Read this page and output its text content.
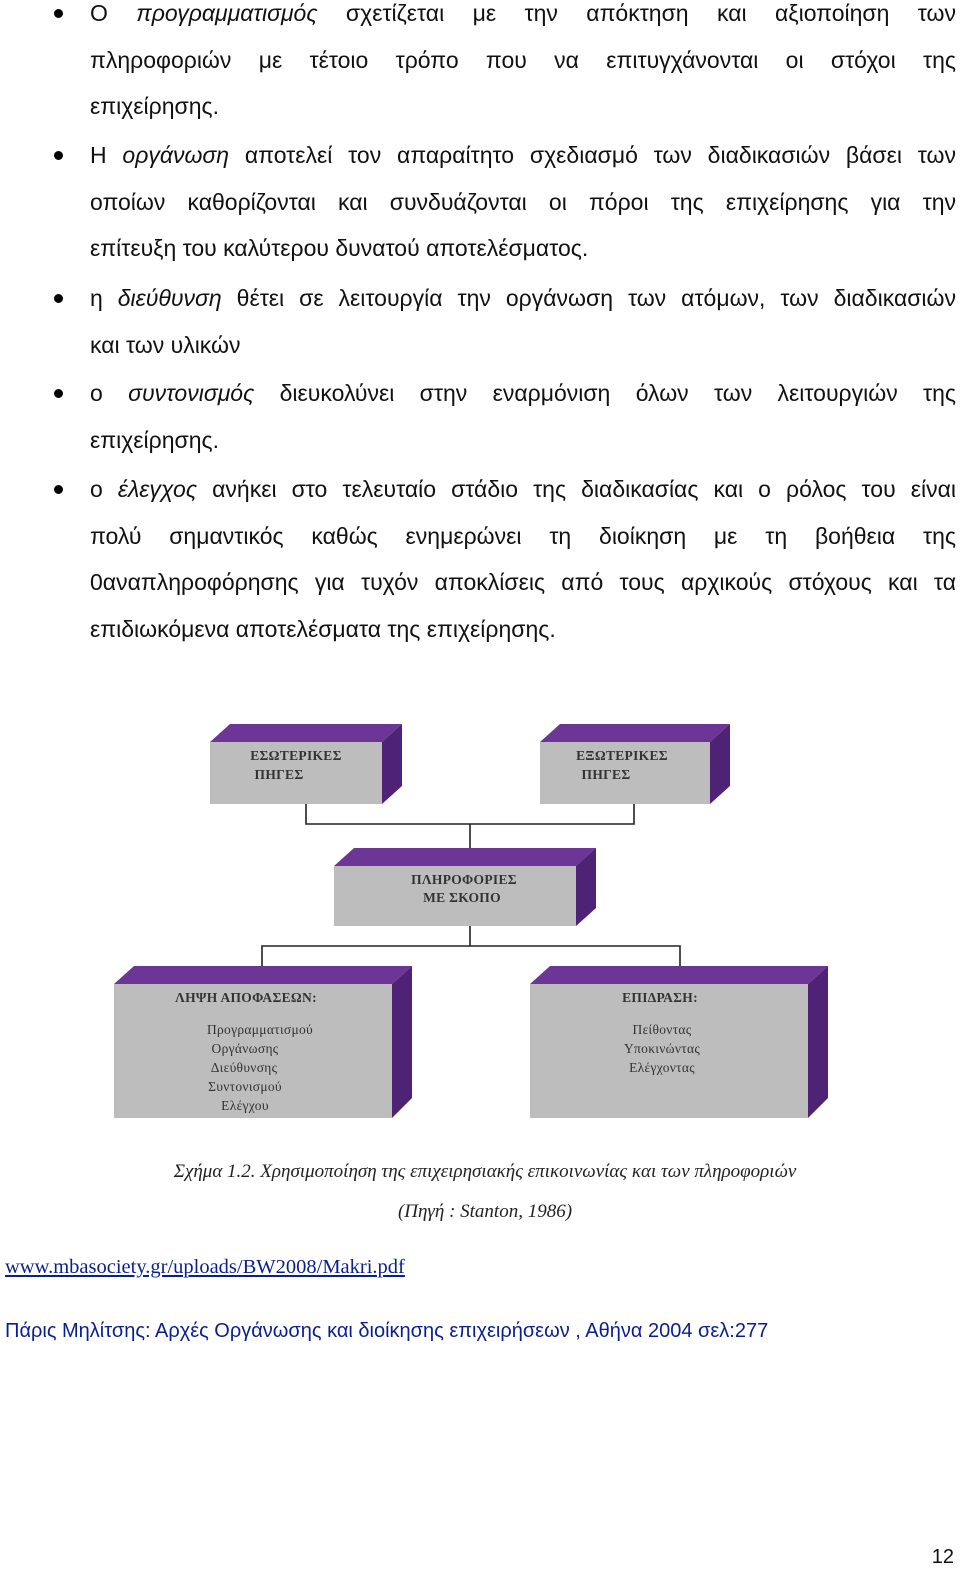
Ο προγραμματισμός σχετίζεται με την απόκτηση και αξιοποίηση των
πληροφοριών με τέτοιο τρόπο που να επιτυγχάνονται οι στόχοι της
επιχείρησης.
Η οργάνωση αποτελεί τον απαραίτητο σχεδιασμό των διαδικασιών βάσει των
οποίων καθορίζονται και συνδυάζονται οι πόροι της επιχείρησης για την
επίτευξη του καλύτερου δυνατού αποτελέσματος.
η διεύθυνση θέτει σε λειτουργία την οργάνωση των ατόμων, των διαδικασιών
και των υλικών
ο συντονισμός διευκολύνει στην εναρμόνιση όλων των λειτουργιών της
επιχείρησης.
ο έλεγχος ανήκει στο τελευταίο στάδιο της διαδικασίας και ο ρόλος του είναι
πολύ σημαντικός καθώς ενημερώνει τη διοίκηση με τη βοήθεια της
0αναπληροφόρησης για τυχόν αποκλίσεις από τους αρχικούς στόχους και τα
επιδιωκόμενα αποτελέσματα της επιχείρησης.
ΕΣΩΤΕΡΙΚΕΣ
ΠΗΓΕΣ
ΕΞΩΤΕΡΙΚΕΣ
ΠΗΓΕΣ
ΠΛΗΡΟΦΟΡΙΕΣ
ΜΕ ΣΚΟΠΟ
ΛΗΨΗ ΑΠΟΦΑΣΕΩΝ:
Προγραμματισμού
Οργάνωσης
Διεύθυνσης
Συντονισμού
Ελέγχου
ΕΠΙΔΡΑΣΗ:
Πείθοντας
Υποκινώντας
Ελέγχοντας
Σχήμα 1.2. Χρησιμοποίηση της επιχειρησιακής επικοινωνίας και των πληροφοριών
(Πηγή : Stanton, 1986)
www.mbasociety.gr/uploads/BW2008/Makri.pdf
Πάρις Μηλίτσης: Αρχές Οργάνωσης και διοίκησης επιχειρήσεων , Αθήνα 2004 σελ:277
12
